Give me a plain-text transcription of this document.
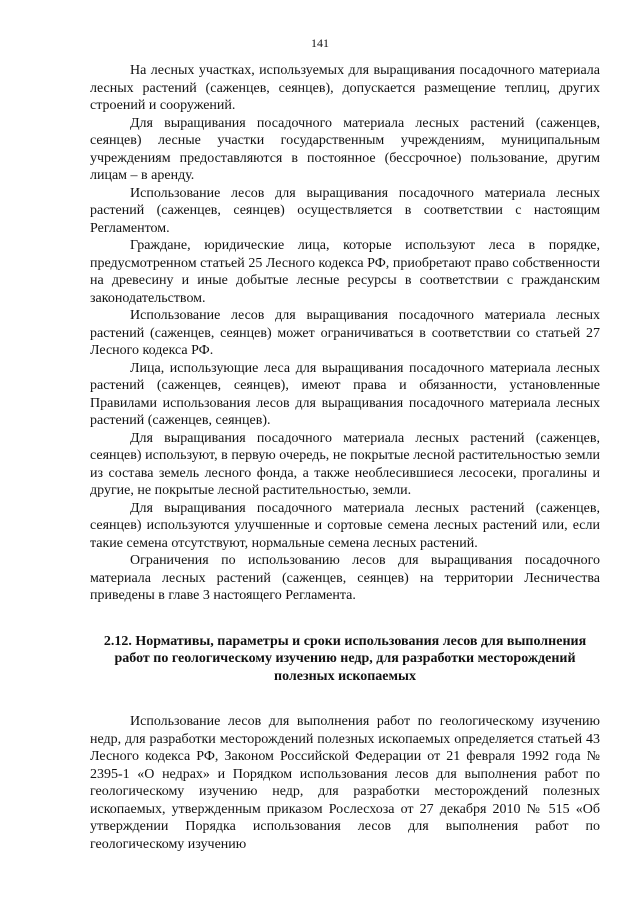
141

На лесных участках, используемых для выращивания посадочного материала лесных растений (саженцев, сеянцев), допускается размещение теплиц, других строений и сооружений.

Для выращивания посадочного материала лесных растений (саженцев, сеянцев) лесные участки государственным учреждениям, муниципальным учреждениям предоставляются в постоянное (бессрочное) пользование, другим лицам – в аренду.

Использование лесов для выращивания посадочного материала лесных растений (саженцев, сеянцев) осуществляется в соответствии с настоящим Регламентом.

Граждане, юридические лица, которые используют леса в порядке, предусмотренном статьей 25 Лесного кодекса РФ, приобретают право собственности на древесину и иные добытые лесные ресурсы в соответствии с гражданским законодательством.

Использование лесов для выращивания посадочного материала лесных растений (саженцев, сеянцев) может ограничиваться в соответствии со статьей 27 Лесного кодекса РФ.

Лица, использующие леса для выращивания посадочного материала лесных растений (саженцев, сеянцев), имеют права и обязанности, установленные Правилами использования лесов для выращивания посадочного материала лесных растений (саженцев, сеянцев).

Для выращивания посадочного материала лесных растений (саженцев, сеянцев) используют, в первую очередь, не покрытые лесной растительностью земли из состава земель лесного фонда, а также необлесившиеся лесосеки, прогалины и другие, не покрытые лесной растительностью, земли.

Для выращивания посадочного материала лесных растений (саженцев, сеянцев) используются улучшенные и сортовые семена лесных растений или, если такие семена отсутствуют, нормальные семена лесных растений.

Ограничения по использованию лесов для выращивания посадочного материала лесных растений (саженцев, сеянцев) на территории Лесничества приведены в главе 3 настоящего Регламента.

2.12. Нормативы, параметры и сроки использования лесов для выполнения работ по геологическому изучению недр, для разработки месторождений полезных ископаемых

Использование лесов для выполнения работ по геологическому изучению недр, для разработки месторождений полезных ископаемых определяется статьей 43 Лесного кодекса РФ, Законом Российской Федерации от 21 февраля 1992 года № 2395-1 «О недрах» и Порядком использования лесов для выполнения работ по геологическому изучению недр, для разработки месторождений полезных ископаемых, утвержденным приказом Рослесхоза от 27 декабря 2010 № 515 «Об утверждении Порядка использования лесов для выполнения работ по геологическому изучению
